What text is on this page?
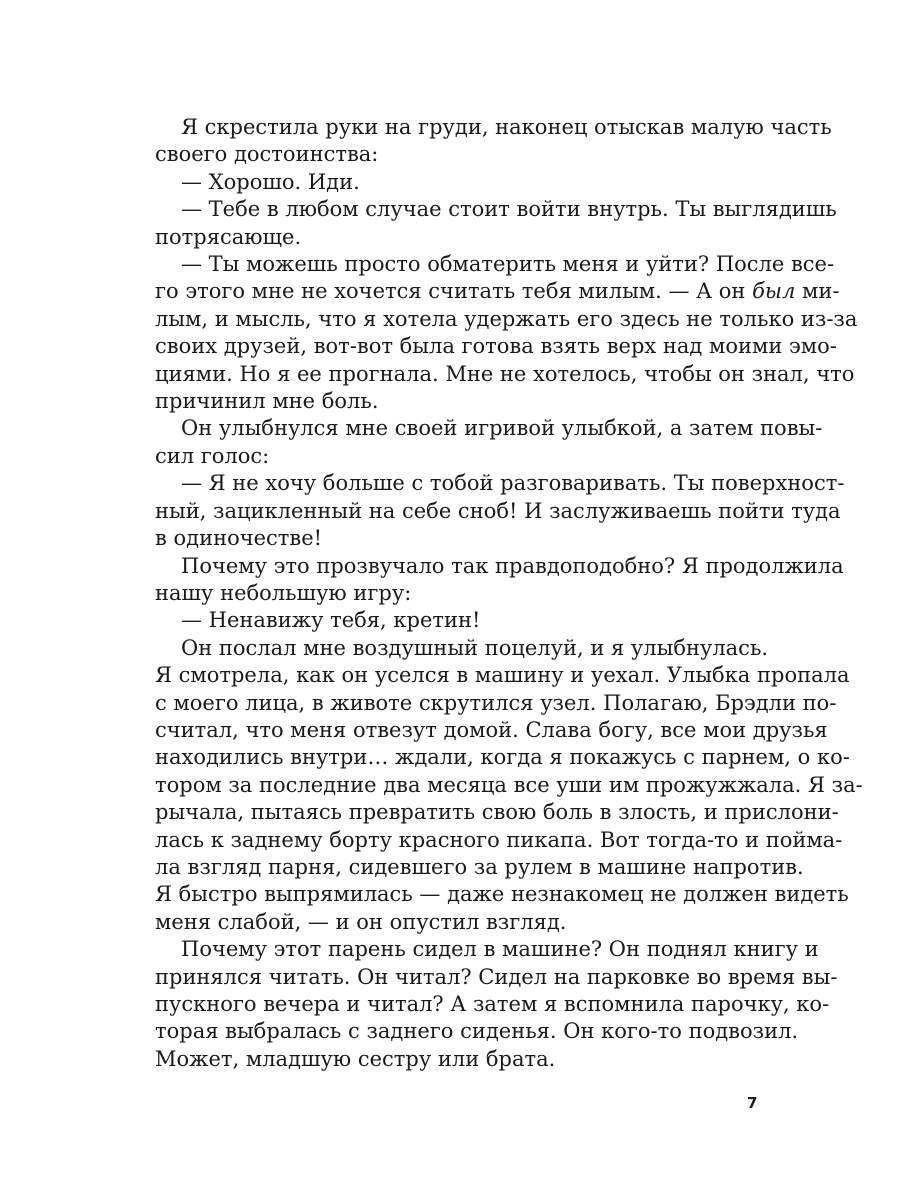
Я скрестила руки на груди, наконец отыскав малую часть
своего достоинства:
— Хорошо. Иди.
— Тебе в любом случае стоит войти внутрь. Ты выглядишь
потрясающе.
— Ты можешь просто обматерить меня и уйти? После все-
го этого мне не хочется считать тебя милым. — А он был ми-
лым, и мысль, что я хотела удержать его здесь не только из-за
своих друзей, вот-вот была готова взять верх над моими эмо-
циями. Но я ее прогнала. Мне не хотелось, чтобы он знал, что
причинил мне боль.
Он улыбнулся мне своей игривой улыбкой, а затем повы-
сил голос:
— Я не хочу больше с тобой разговаривать. Ты поверхност-
ный, зацикленный на себе сноб! И заслуживаешь пойти туда
в одиночестве!
Почему это прозвучало так правдоподобно? Я продолжила
нашу небольшую игру:
— Ненавижу тебя, кретин!
Он послал мне воздушный поцелуй, и я улыбнулась.
Я смотрела, как он уселся в машину и уехал. Улыбка пропала
с моего лица, в животе скрутился узел. Полагаю, Брэдли по-
считал, что меня отвезут домой. Слава богу, все мои друзья
находились внутри… ждали, когда я покажусь с парнем, о ко-
тором за последние два месяца все уши им прожужжала. Я за-
рычала, пытаясь превратить свою боль в злость, и прислони-
лась к заднему борту красного пикапа. Вот тогда-то и пойма-
ла взгляд парня, сидевшего за рулем в машине напротив.
Я быстро выпрямилась — даже незнакомец не должен видеть
меня слабой, — и он опустил взгляд.
Почему этот парень сидел в машине? Он поднял книгу и
принялся читать. Он читал? Сидел на парковке во время вы-
пускного вечера и читал? А затем я вспомнила парочку, ко-
торая выбралась с заднего сиденья. Он кого-то подвозил.
Может, младшую сестру или брата.
7
